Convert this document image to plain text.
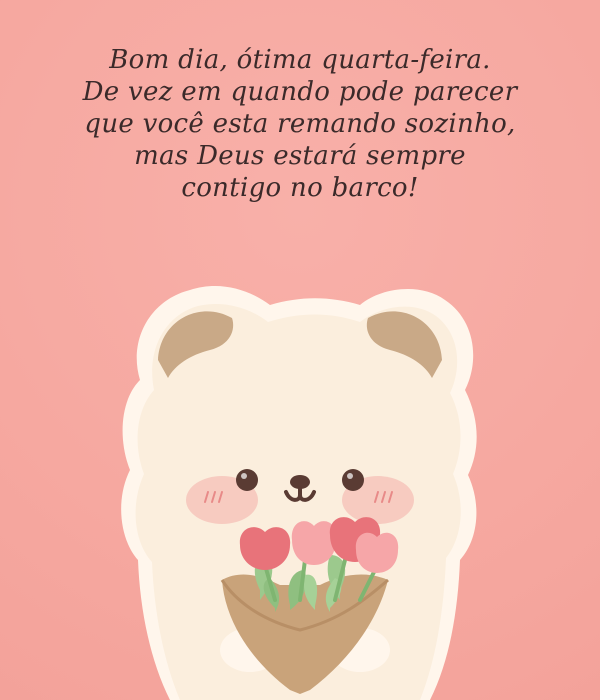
Bom dia, ótima quarta-feira.
De vez em quando pode parecer
que você esta remando sozinho,
mas Deus estará sempre
contigo no barco!
